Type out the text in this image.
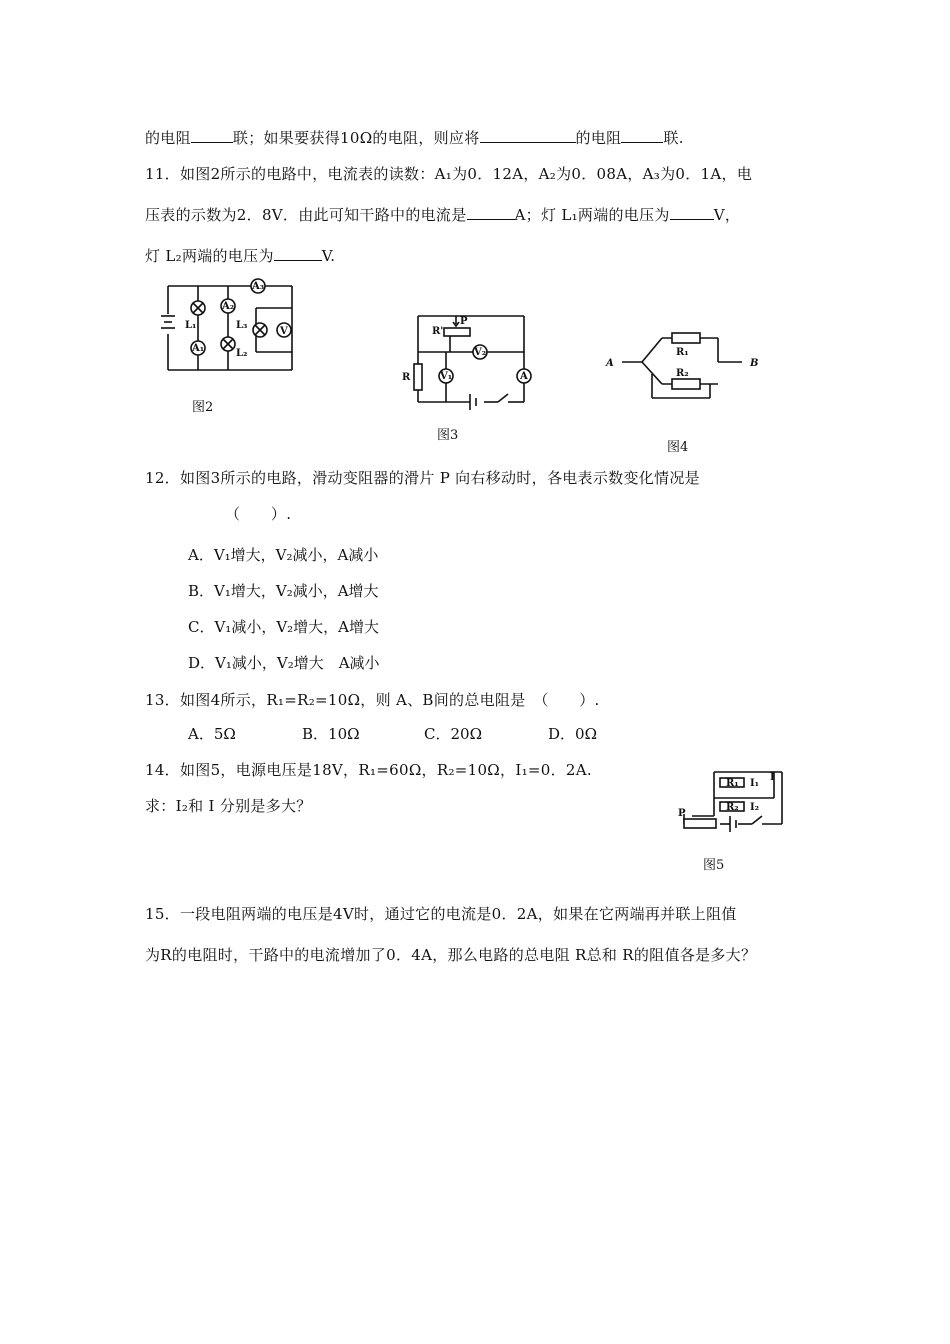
的电阻	联；如果要获得10Ω的电阻，则应将	的电阻	联.
11．如图2所示的电路中，电流表的读数：A₁为0．12A，A₂为0．08A，A₃为0．1A，电
压表的示数为2．8V．由此可知干路中的电流是	A；灯 L₁两端的电压为	V，
灯 L₂两端的电压为	V.
A₃
A₂
A₁
L₁	L₃
L₂
V
图2
R'
P
V₂
R	V₁	A
图3
A	B
R₁
R₂
图4
12．如图3所示的电路，滑动变阻器的滑片 P 向右移动时，各电表示数变化情况是
（　　）.
A．V₁增大，V₂减小，A减小
B．V₁增大，V₂减小，A增大
C．V₁减小，V₂增大，A增大
D．V₁减小，V₂增大　A减小
13．如图4所示，R₁=R₂=10Ω，则 A、B间的总电阻是　（　　）.
A．5Ω	B．10Ω	C．20Ω	D．0Ω
14．如图5，电源电压是18V，R₁=60Ω，R₂=10Ω，I₁=0．2A.
求：I₂和 I 分别是多大？
R₁ I₁
I
R₂ I₂
P
图5
15．一段电阻两端的电压是4V时，通过它的电流是0．2A，如果在它两端再并联上阻值
为R的电阻时，干路中的电流增加了0．4A，那么电路的总电阻 R总和 R的阻值各是多大？
